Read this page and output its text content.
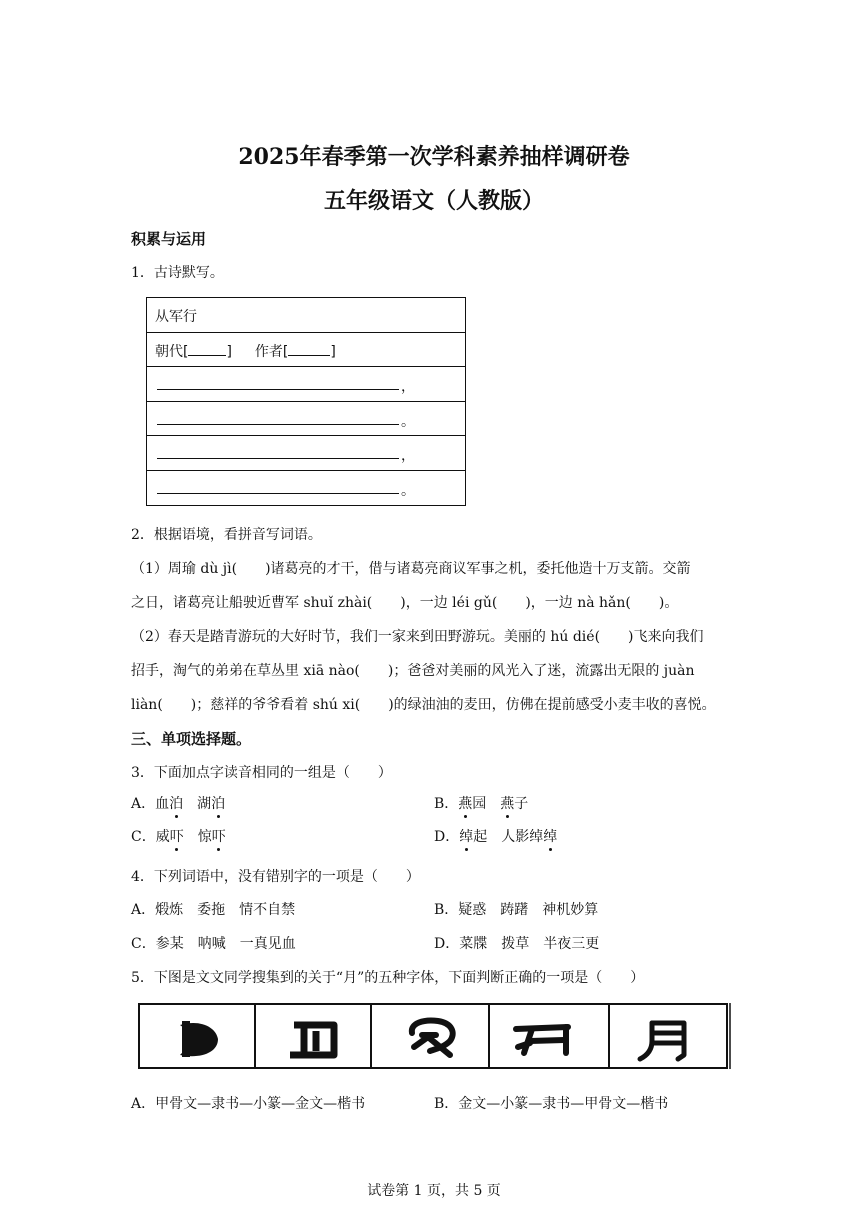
2025年春季第一次学科素养抽样调研卷
五年级语文（人教版）
积累与运用
1．古诗默写。
从军行
朝代[	]   作者[	]
，
。
，
。
2．根据语境，看拼音写词语。
（1）周瑜 dù jì(　　)诸葛亮的才干，借与诸葛亮商议军事之机，委托他造十万支箭。交箭
之日，诸葛亮让船驶近曹军 shuǐ zhài(　　)，一边 léi gǔ(　　)，一边 nà hǎn(　　)。
（2）春天是踏青游玩的大好时节，我们一家来到田野游玩。美丽的 hú dié(　　)飞来向我们
招手，淘气的弟弟在草丛里 xiā nào(　　)；爸爸对美丽的风光入了迷，流露出无限的 juàn
liàn(　　)；慈祥的爷爷看着 shú xi(　　)的绿油油的麦田，仿佛在提前感受小麦丰收的喜悦。
三、单项选择题。
3．下面加点字读音相同的一组是（　　）
A．血泊　 湖泊	B．燕园　 燕子
C．威吓　 惊吓	D．绰起　 人影绰绰
4．下列词语中，没有错别字的一项是（　　）
A．煅炼　委拖　情不自禁	B．疑惑　踌躇　神机妙算
C．参某　呐喊　一真见血	D．菜牒　拨草　半夜三更
5．下图是文文同学搜集到的关于“月”的五种字体，下面判断正确的一项是（　　）
A．甲骨文—隶书—小篆—金文—楷书	B．金文—小篆—隶书—甲骨文—楷书
试卷第 1 页，共 5 页
